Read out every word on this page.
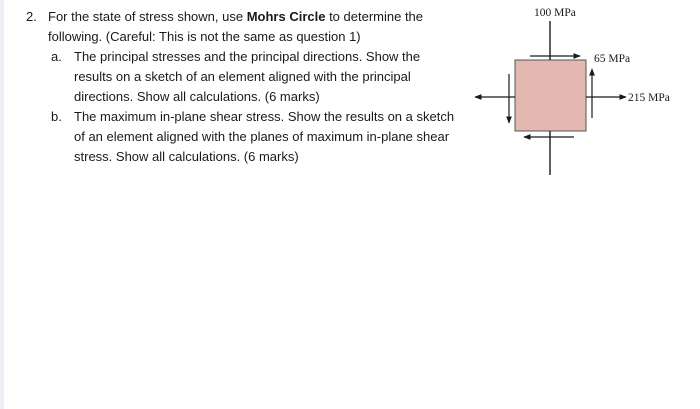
2. For the state of stress shown, use Mohrs Circle to determine the
following. (Careful: This is not the same as question 1)
a. The principal stresses and the principal directions. Show the
results on a sketch of an element aligned with the principal
directions. Show all calculations. (6 marks)
b. The maximum in-plane shear stress. Show the results on a sketch
of an element aligned with the planes of maximum in-plane shear
stress. Show all calculations. (6 marks)
100 MPa
65 MPa
215 MPa
